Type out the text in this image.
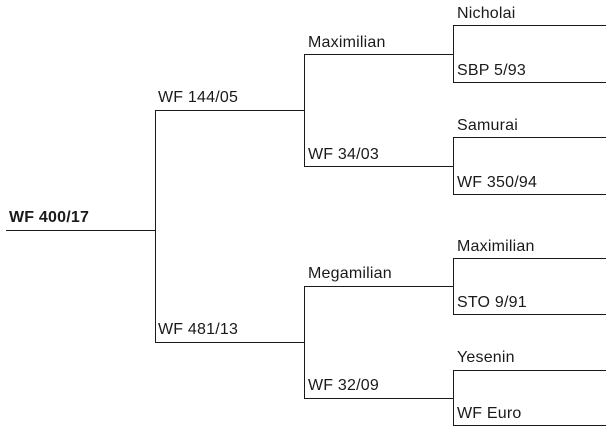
WF 400/17
WF 144/05
WF 481/13
Maximilian
WF 34/03
Megamilian
WF 32/09
Nicholai
SBP 5/93
Samurai
WF 350/94
Maximilian
STO 9/91
Yesenin
WF Euro
